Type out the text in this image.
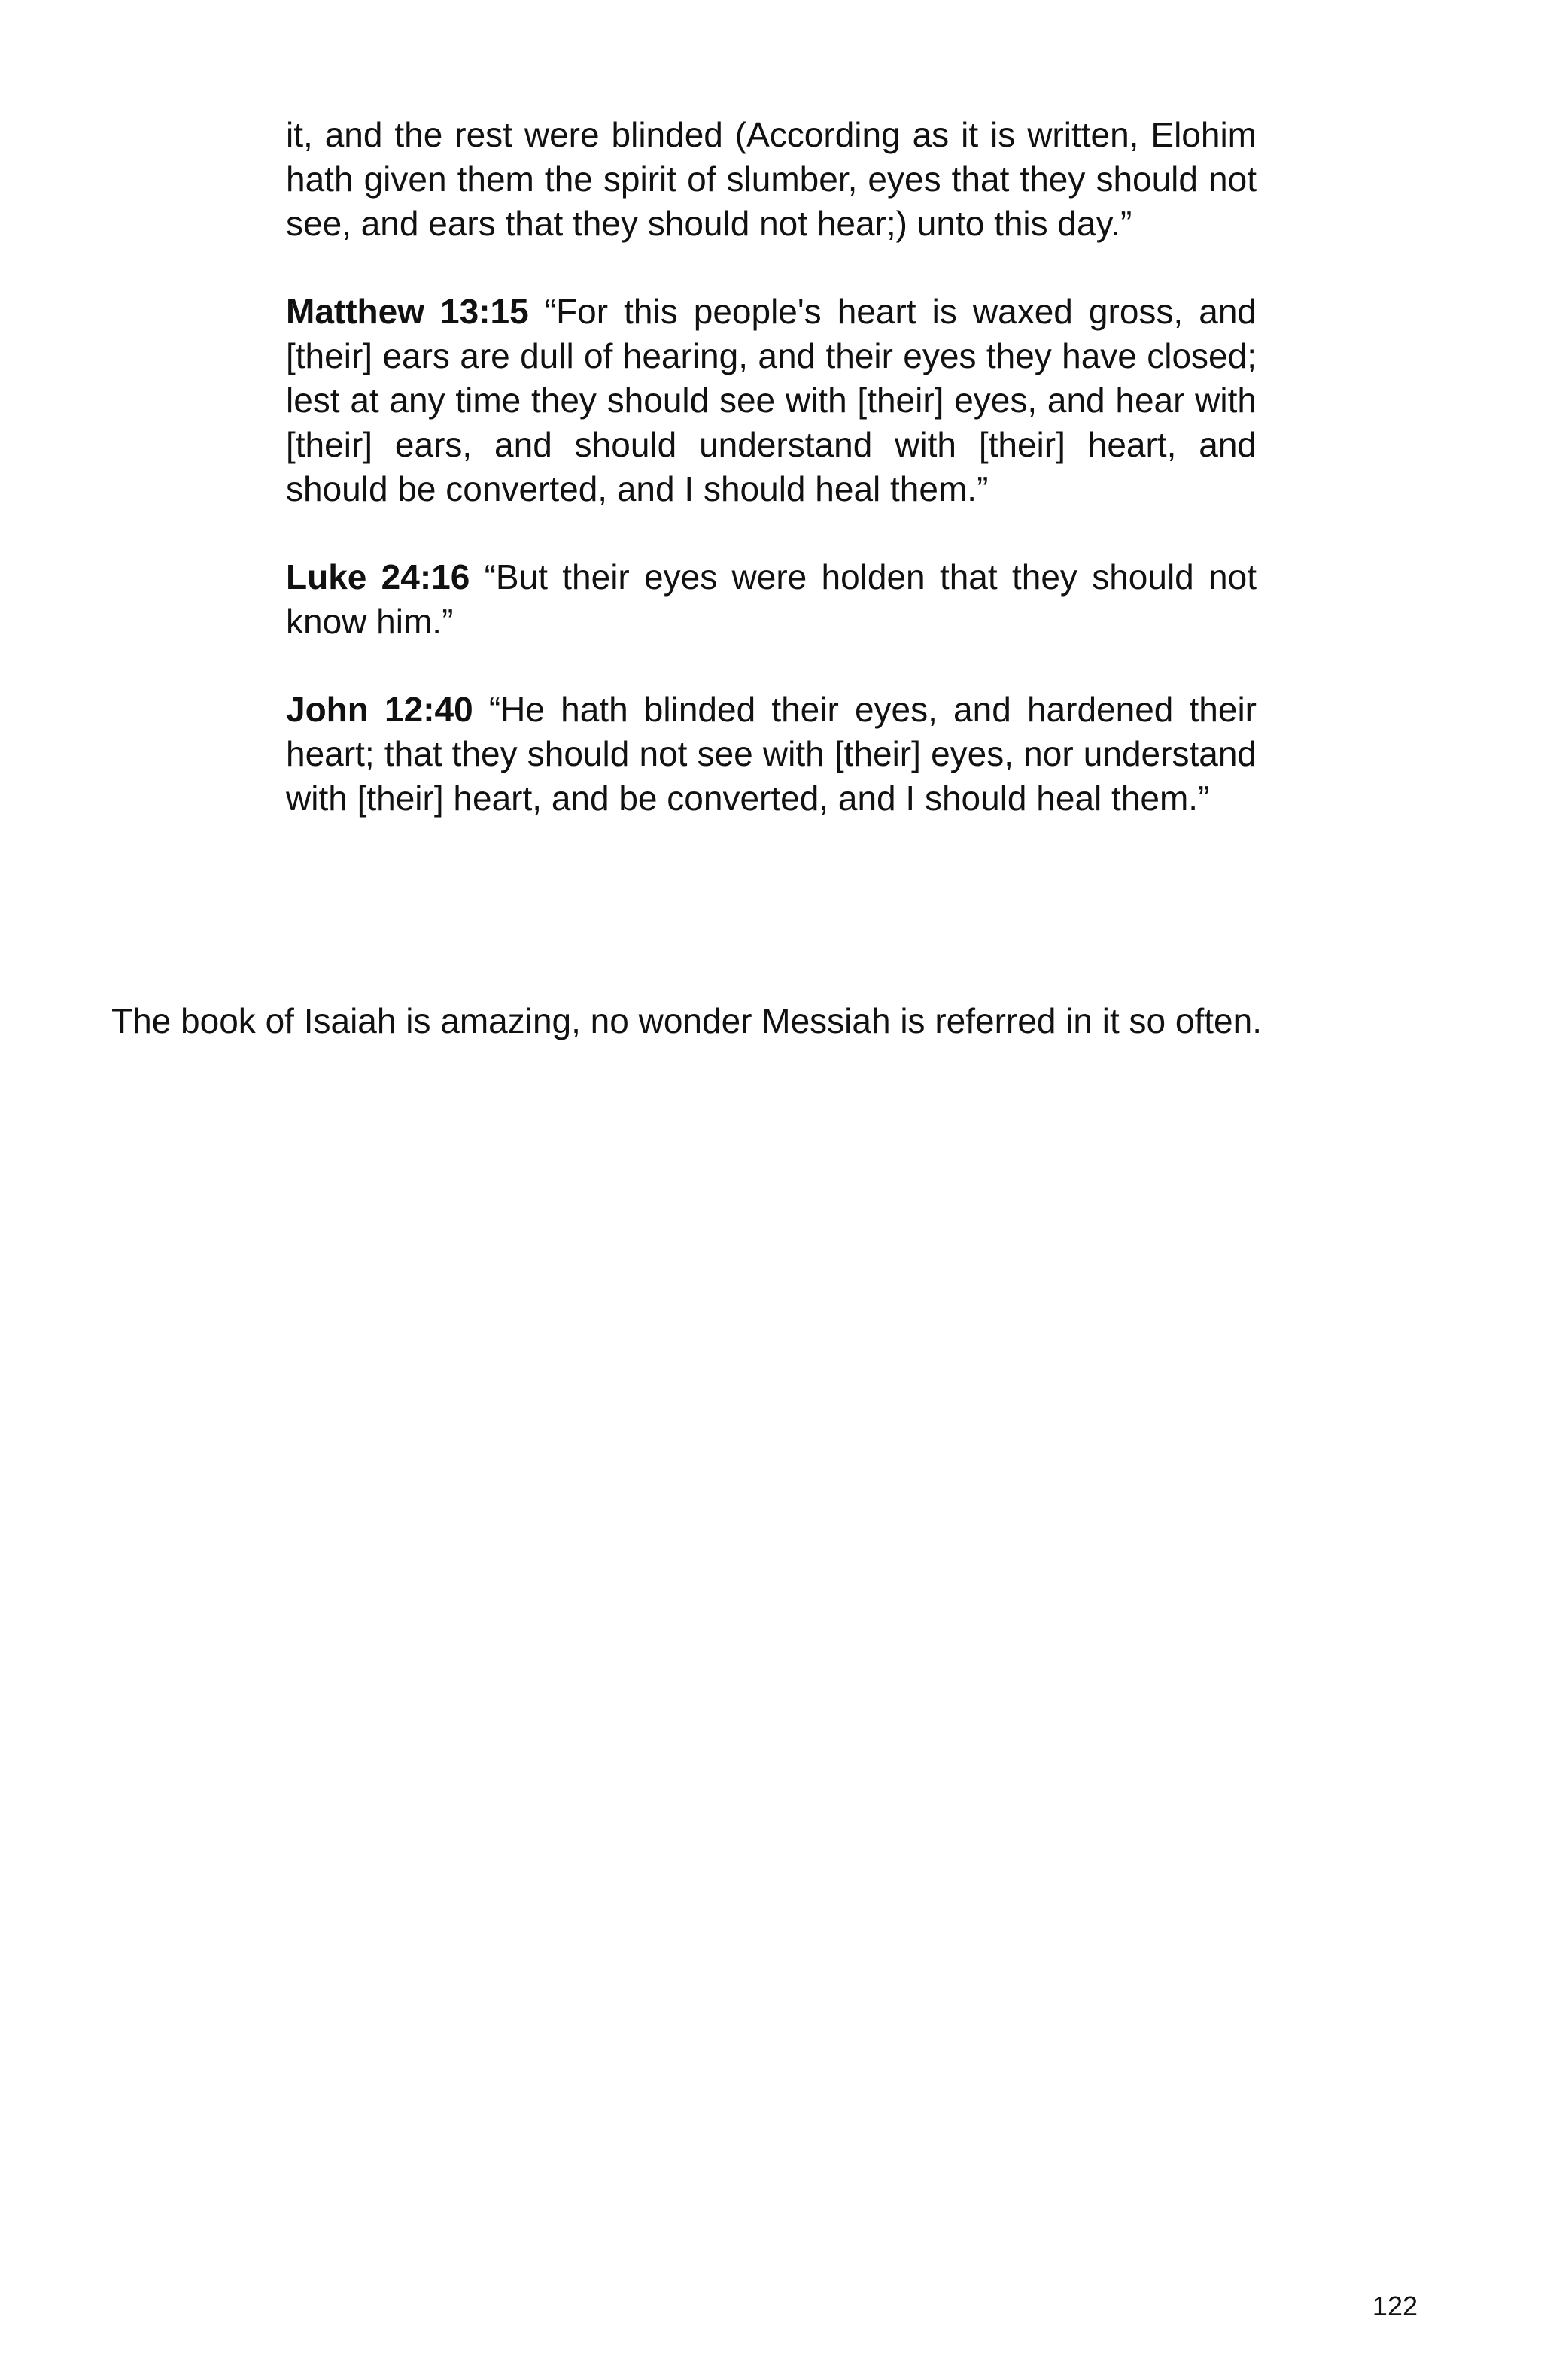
it, and the rest were blinded (According as it is written, Elohim hath given them the spirit of slumber, eyes that they should not see, and ears that they should not hear;) unto this day.”

Matthew 13:15 “For this people's heart is waxed gross, and [their] ears are dull of hearing, and their eyes they have closed; lest at any time they should see with [their] eyes, and hear with [their] ears, and should understand with [their] heart, and should be converted, and I should heal them.”

Luke 24:16 “But their eyes were holden that they should not know him.”

John 12:40 “He hath blinded their eyes, and hardened their heart; that they should not see with [their] eyes, nor understand with [their] heart, and be converted, and I should heal them.”

The book of Isaiah is amazing, no wonder Messiah is referred in it so often.

122
